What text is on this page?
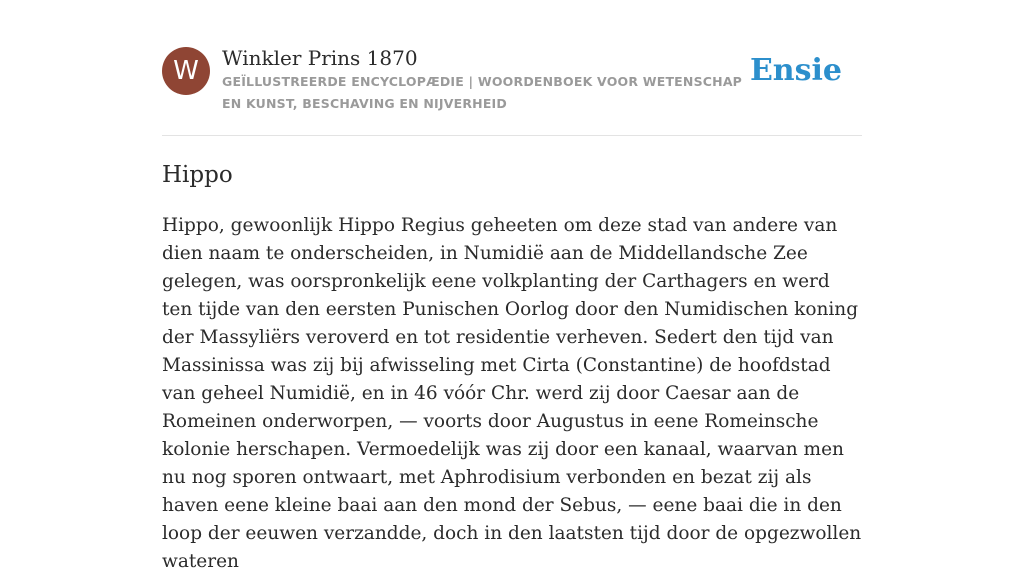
W	Winkler Prins 1870
GEÏLLUSTREERDE ENCYCLOPÆDIE | WOORDENBOEK VOOR WETENSCHAP EN KUNST, BESCHAVING EN NIJVERHEID
Ensie
Hippo

Hippo, gewoonlijk Hippo Regius geheeten om deze stad van andere van dien naam te onderscheiden, in Numidië aan de Middellandsche Zee gelegen, was oorspronkelijk eene volkplanting der Carthagers en werd ten tijde van den eersten Punischen Oorlog door den Numidischen koning der Massyliërs veroverd en tot residentie verheven. Sedert den tijd van Massinissa was zij bij afwisseling met Cirta (Constantine) de hoofdstad van geheel Numidië, en in 46 vóór Chr. werd zij door Caesar aan de Romeinen onderworpen, — voorts door Augustus in eene Romeinsche kolonie herschapen. Vermoedelijk was zij door een kanaal, waarvan men nu nog sporen ontwaart, met Aphrodisium verbonden en bezat zij als haven eene kleine baai aan den mond der Sebus, — eene baai die in den loop der eeuwen verzandde, doch in den laatsten tijd door de opgezwollen wateren
